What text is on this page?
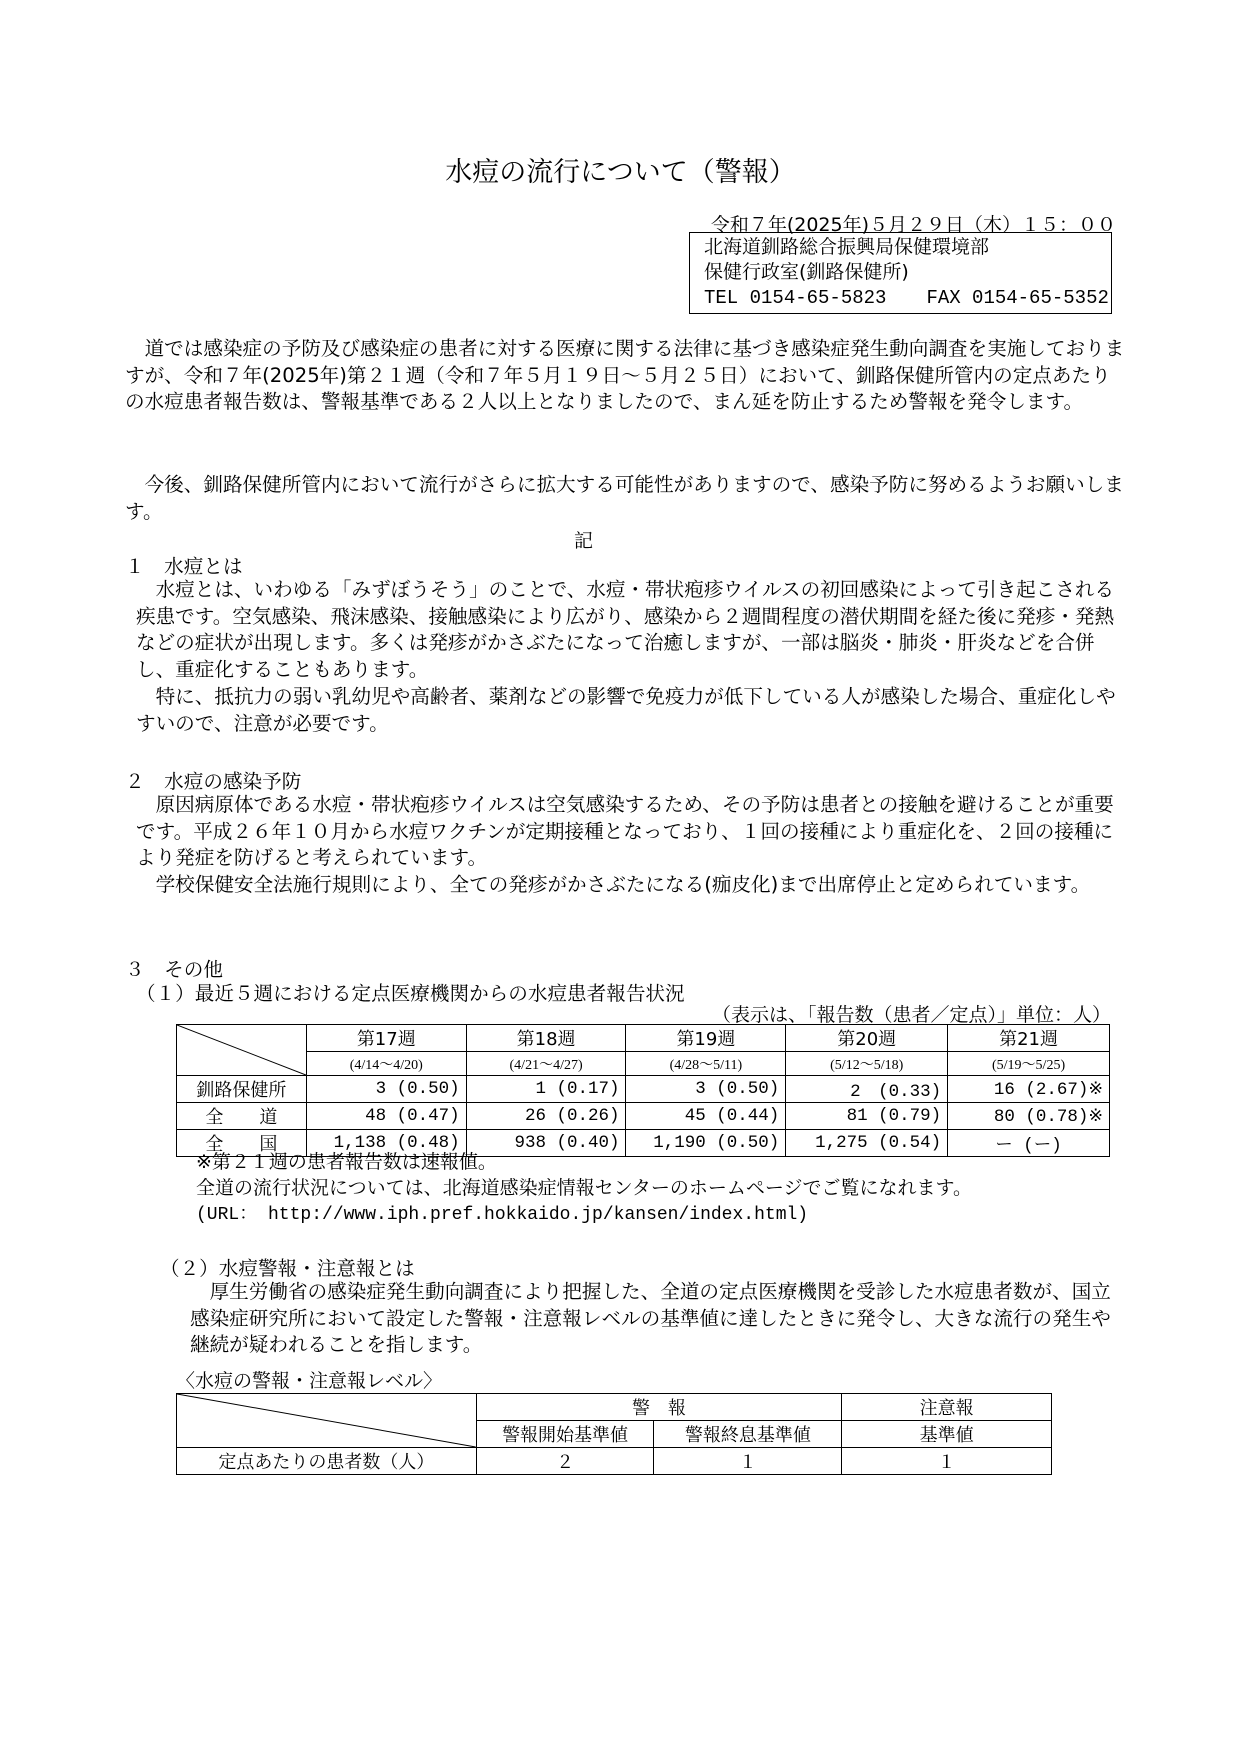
水痘の流行について（警報）
令和７年(2025年)５月２９日（木）１５：００
北海道釧路総合振興局保健環境部
保健行政室(釧路保健所)
TEL 0154-65-5823 FAX 0154-65-5352
道では感染症の予防及び感染症の患者に対する医療に関する法律に基づき感染症発生動向調査を実施しておりますが、令和７年(2025年)第２１週（令和７年５月１９日～５月２５日）において、釧路保健所管内の定点あたりの水痘患者報告数は、警報基準である２人以上となりましたので、まん延を防止するため警報を発令します。
今後、釧路保健所管内において流行がさらに拡大する可能性がありますので、感染予防に努めるようお願いします。
記
１　水痘とは
水痘とは、いわゆる「みずぼうそう」のことで、水痘・帯状疱疹ウイルスの初回感染によって引き起こされる疾患です。空気感染、飛沫感染、接触感染により広がり、感染から２週間程度の潜伏期間を経た後に発疹・発熱などの症状が出現します。多くは発疹がかさぶたになって治癒しますが、一部は脳炎・肺炎・肝炎などを合併し、重症化することもあります。
特に、抵抗力の弱い乳幼児や高齢者、薬剤などの影響で免疫力が低下している人が感染した場合、重症化しやすいので、注意が必要です。
２　水痘の感染予防
原因病原体である水痘・帯状疱疹ウイルスは空気感染するため、その予防は患者との接触を避けることが重要です。平成２６年１０月から水痘ワクチンが定期接種となっており、１回の接種により重症化を、２回の接種により発症を防げると考えられています。
学校保健安全法施行規則により、全ての発疹がかさぶたになる(痂皮化)まで出席停止と定められています。
３　その他
（１）最近５週における定点医療機関からの水痘患者報告状況
（表示は、「報告数（患者／定点）」単位：人）
	第17週	第18週	第19週	第20週	第21週
	(4/14～4/20)	(4/21～4/27)	(4/28～5/11)	(5/12～5/18)	(5/19～5/25)
釧路保健所	3 (0.50)	1 (0.17)	3 (0.50)	2　(0.33)	16 (2.67)※
全　　道	48 (0.47)	26 (0.26)	45 (0.44)	81 (0.79)	80 (0.78)※
全　　国	1,138 (0.48)	938 (0.40)	1,190 (0.50)	1,275 (0.54)	ー (ー)
※第２１週の患者報告数は速報値。
全道の流行状況については、北海道感染症情報センターのホームページでご覧になれます。
(URL： http://www.iph.pref.hokkaido.jp/kansen/index.html)
（２）水痘警報・注意報とは
厚生労働省の感染症発生動向調査により把握した、全道の定点医療機関を受診した水痘患者数が、国立感染症研究所において設定した警報・注意報レベルの基準値に達したときに発令し、大きな流行の発生や継続が疑われることを指します。
〈水痘の警報・注意報レベル〉
	警　報		注意報
	警報開始基準値	警報終息基準値	基準値
定点あたりの患者数（人）	２	１	１
